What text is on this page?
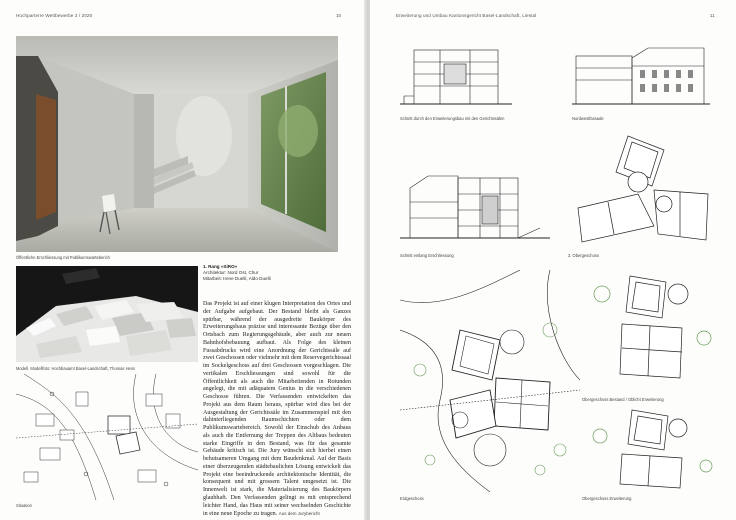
Hochparterre Wettbewerbe 2 / 2020	10
Öffentliche Erschliessung mit Publikumswarteberich
Modell. Modellfoto: Hochbauamt Basel-Landschaft, Thomas Hess
1. Rang «SiRO»
Architektur: Nord Ost, Chur
Mitarbeit: Irene Duelli, Aldo Duelli
Das Projekt ist auf einer klugen Interpretation des Ortes und der Aufgabe aufgebaut. Der Bestand bleibt als Ganzes spürbar, während der ausgedreite Baukörper des Erweiterungsbaus präzise und interessante Bezüge über den Ortsbach zum Regierungsgebäude, aber auch zur neuen Bahnhofsbebauung aufbaut. Als Folge des kleinen Fussabdrucks wird eine Anordnung der Gerichtssäle auf zwei Geschossen oder vielmehr mit dem Reservegerichtssaal im Sockelgeschoss auf drei Geschossen vorgeschlagen. Die vertikalen Erschliessungen sind sowohl für die Öffentlichkeit als auch die Mitarbeitenden in Rotunden angelegt, die mit adäquatem Genius in die verschiedenen Geschosse führen. Die Verfassenden entwickelten das Projekt aus dem Raum heraus, spürbar wird dies bei der Ausgestaltung der Gerichtssäle im Zusammenspiel mit den dahinterliegenden Raumschichten oder dem Publikumswartebereich. Sowohl der Einschub des Anbaus als auch die Entfernung der Treppen des Altbaus bedeuten starke Eingriffe in den Bestand, was für das gesamte Gebäude kritisch ist. Die Jury wünscht sich hierbei einen behutsameren Umgang mit dem Baudenkmal. Auf der Basis einer überzeugenden städtebaulichen Lösung entwickelt das Projekt eine beeindruckende architektonische Identität, die konsequent und mit grossem Talent umgesetzt ist. Die Innenwelt ist stark, die Materialisierung des Baukörpers glaubhaft. Den Verfassenden gelingt es mit entsprechend leichter Hand, das Haus mit seiner wechselnden Geschichte in eine neue Epoche zu tragen. Aus dem Jurybericht
Situation
Erweiterung und Umbau Kantonsgericht Basel-Landschaft, Liestal	11
Schnitt durch den Erweiterungsbau mit den Gerichtssälen	Nordwestfassade
Schnitt entlang Erschliessung	3. Obergeschoss
Erdgeschoss
Obergeschoss Bestand / Oblicht Erweiterung
Obergeschoss Erweiterung
